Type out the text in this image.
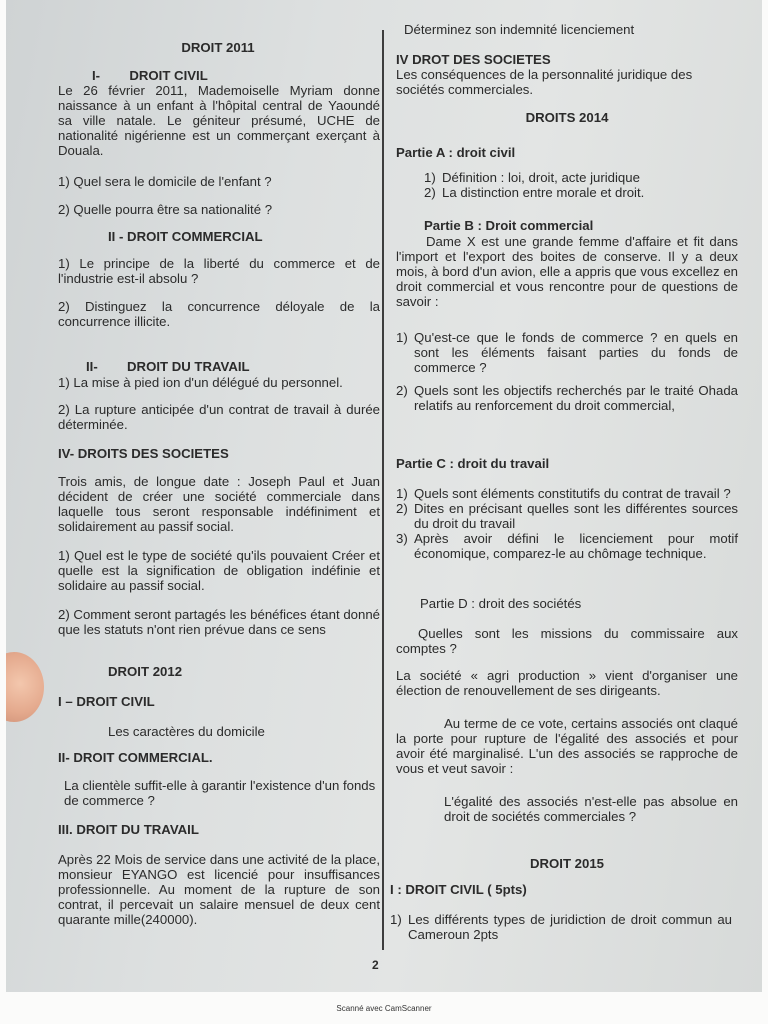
DROIT 2011
I-        DROIT CIVIL
Le 26 février 2011, Mademoiselle Myriam donne naissance à un enfant à l'hôpital central de Yaoundé sa ville natale. Le géniteur présumé, UCHE de nationalité nigérienne est un commerçant exerçant à Douala.
1) Quel sera le domicile de l'enfant ?
2) Quelle pourra être sa nationalité ?
II - DROIT COMMERCIAL
1) Le principe de la liberté du commerce et de l'industrie est-il absolu ?
2) Distinguez la concurrence déloyale de la concurrence illicite.
II-        DROIT DU TRAVAIL
1) La mise à pied ion d'un délégué du personnel.
2) La rupture anticipée d'un contrat de travail à durée déterminée.
IV- DROITS DES SOCIETES
Trois amis, de longue date : Joseph Paul et Juan décident de créer une société commerciale dans laquelle tous seront responsable indéfiniment et solidairement au passif social.
1) Quel est le type de société qu'ils pouvaient Créer et quelle est la signification de obligation indéfinie et solidaire au passif social.
2) Comment seront partagés les bénéfices étant donné que les statuts n'ont rien prévue dans ce sens
DROIT 2012
I – DROIT CIVIL
Les caractères du domicile
II- DROIT COMMERCIAL.
La clientèle suffit-elle à garantir l'existence d'un fonds de commerce ?
III. DROIT DU TRAVAIL
Après 22 Mois de service dans une activité de la place, monsieur EYANGO est licencié pour insuffisances professionnelle. Au moment de la rupture de son contrat, il percevait un salaire mensuel de deux cent quarante mille(240000).
Déterminez son indemnité licenciement
IV DROT DES SOCIETES
Les conséquences de la personnalité juridique des sociétés commerciales.
DROITS 2014
Partie A : droit civil
1) Définition : loi, droit, acte juridique
2) La distinction entre morale et droit.
Partie B : Droit commercial
Dame X est une grande femme d'affaire et fit dans l'import et l'export des boites de conserve. Il y a deux mois, à bord d'un avion, elle a appris que vous excellez en droit commercial et vous rencontre pour de questions de savoir :
1) Qu'est-ce que le fonds de commerce ? en quels en sont les éléments faisant parties du fonds de commerce ?
2) Quels sont les objectifs recherchés par le traité Ohada relatifs au renforcement du droit commercial,
Partie C : droit du travail
1) Quels sont éléments constitutifs du contrat de travail ?
2) Dites en précisant quelles sont les différentes sources du droit du travail
3) Après avoir défini le licenciement pour motif économique, comparez-le au chômage technique.
Partie D : droit des sociétés
Quelles sont les missions du commissaire aux comptes ?
La société « agri production » vient d'organiser une élection de renouvellement de ses dirigeants.
Au terme de ce vote, certains associés ont claqué la porte pour rupture de l'égalité des associés et pour avoir été marginalisé. L'un des associés se rapproche de vous et veut savoir :
L'égalité des associés n'est-elle pas absolue en droit de sociétés commerciales ?
DROIT 2015
I : DROIT CIVIL ( 5pts)
1) Les différents types de juridiction de droit commun au Cameroun 2pts
2
Scanné avec CamScanner
